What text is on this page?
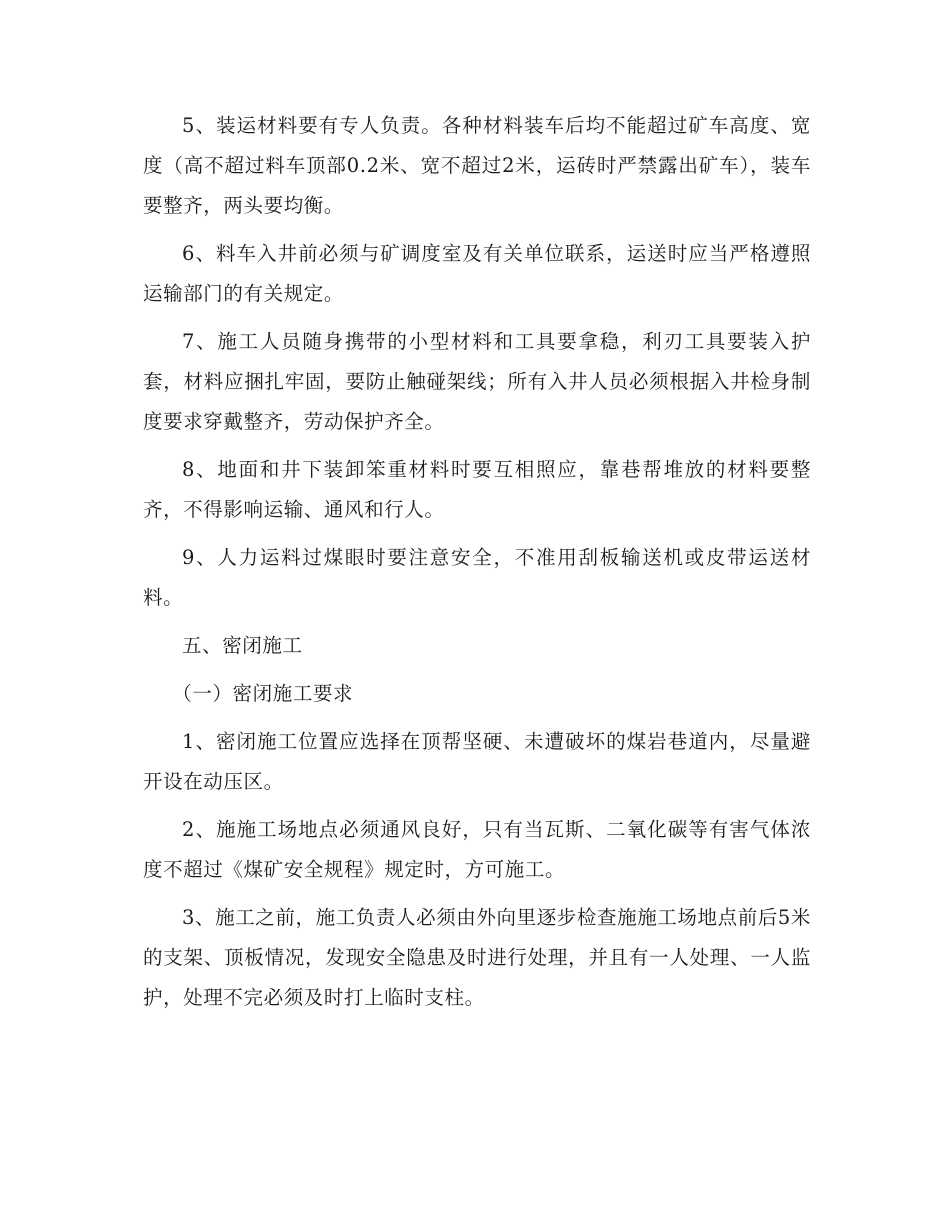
5、装运材料要有专人负责。各种材料装车后均不能超过矿车高度、宽度（高不超过料车顶部0.2米、宽不超过2米，运砖时严禁露出矿车），装车要整齐，两头要均衡。

6、料车入井前必须与矿调度室及有关单位联系，运送时应当严格遵照运输部门的有关规定。

7、施工人员随身携带的小型材料和工具要拿稳，利刃工具要装入护套，材料应捆扎牢固，要防止触碰架线；所有入井人员必须根据入井检身制度要求穿戴整齐，劳动保护齐全。

8、地面和井下装卸笨重材料时要互相照应，靠巷帮堆放的材料要整齐，不得影响运输、通风和行人。

9、人力运料过煤眼时要注意安全，不准用刮板输送机或皮带运送材料。

五、密闭施工

（一）密闭施工要求

1、密闭施工位置应选择在顶帮坚硬、未遭破坏的煤岩巷道内，尽量避开设在动压区。

2、施施工场地点必须通风良好，只有当瓦斯、二氧化碳等有害气体浓度不超过《煤矿安全规程》规定时，方可施工。

3、施工之前，施工负责人必须由外向里逐步检查施施工场地点前后5米的支架、顶板情况，发现安全隐患及时进行处理，并且有一人处理、一人监护，处理不完必须及时打上临时支柱。
